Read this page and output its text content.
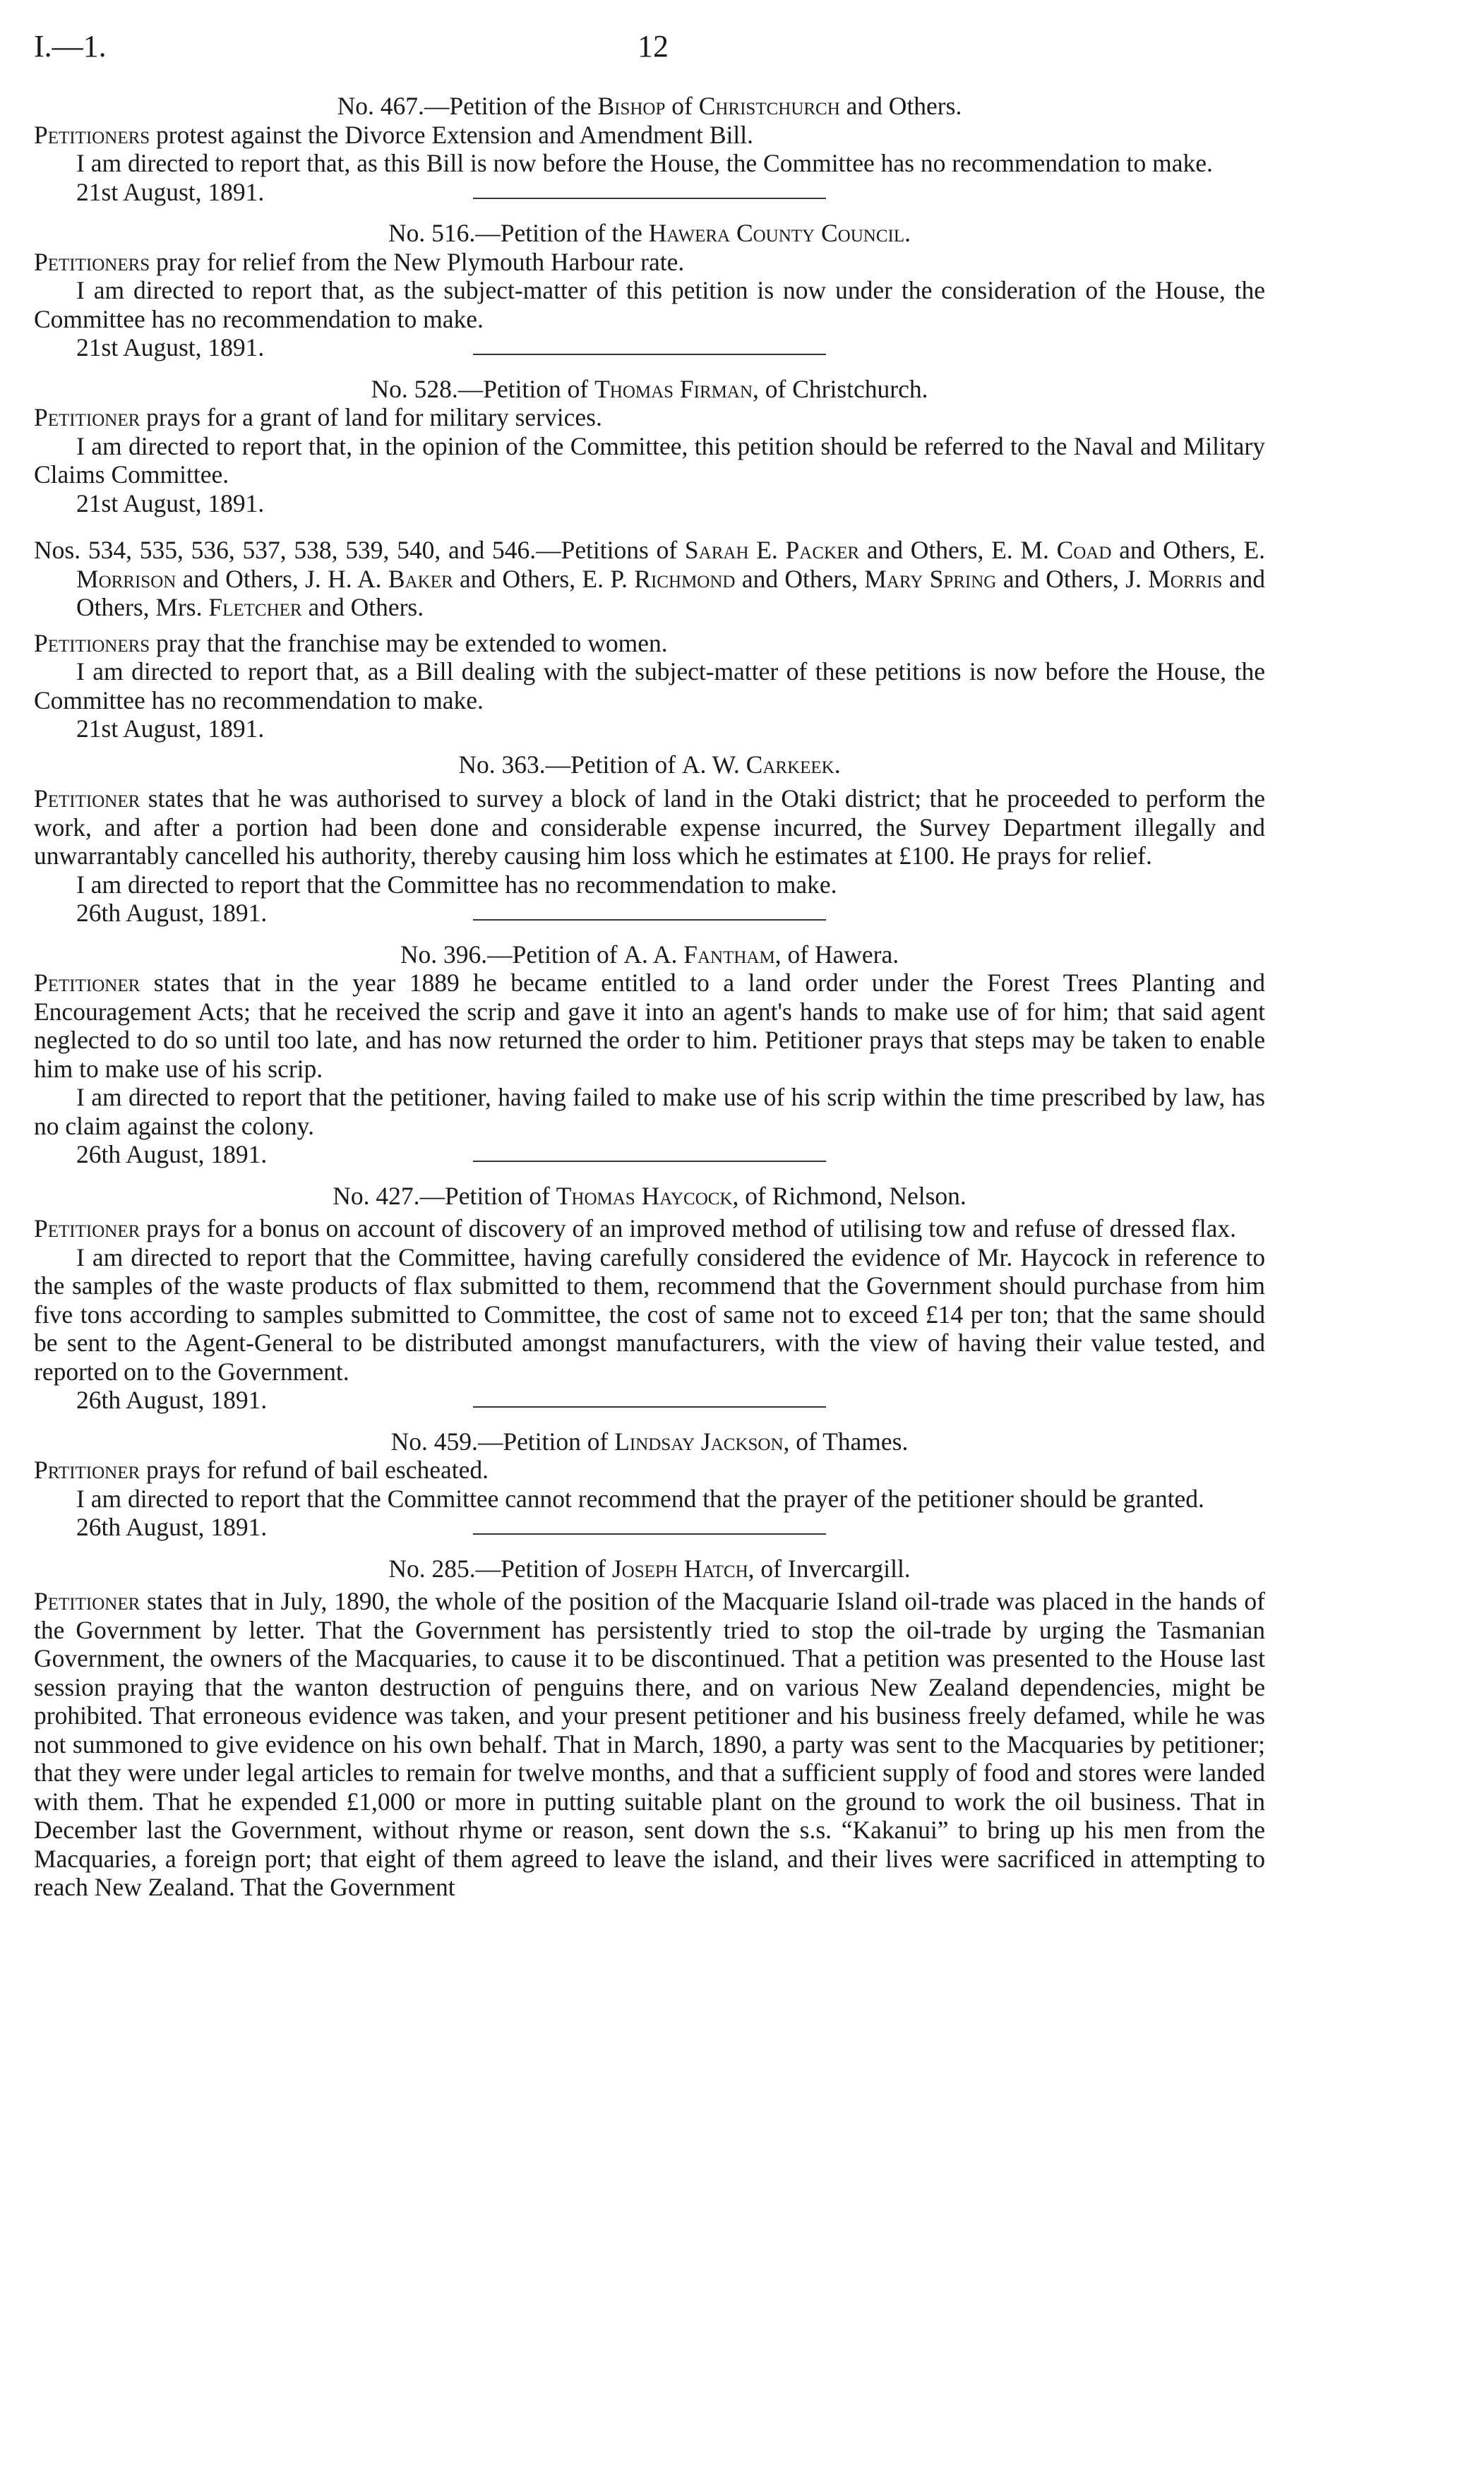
I.—1.	12

No. 467.—Petition of the Bishop of Christchurch and Others.

Petitioners protest against the Divorce Extension and Amendment Bill.

I am directed to report that, as this Bill is now before the House, the Committee has no recommendation to make.

21st August, 1891.

No. 516.—Petition of the Hawera County Council.

Petitioners pray for relief from the New Plymouth Harbour rate.

I am directed to report that, as the subject-matter of this petition is now under the consideration of the House, the Committee has no recommendation to make.

21st August, 1891.

No. 528.—Petition of Thomas Firman, of Christchurch.

Petitioner prays for a grant of land for military services.

I am directed to report that, in the opinion of the Committee, this petition should be referred to the Naval and Military Claims Committee.

21st August, 1891.

Nos. 534, 535, 536, 537, 538, 539, 540, and 546.—Petitions of Sarah E. Packer and Others, E. M. Coad and Others, E. Morrison and Others, J. H. A. Baker and Others, E. P. Richmond and Others, Mary Spring and Others, J. Morris and Others, Mrs. Fletcher and Others.

Petitioners pray that the franchise may be extended to women.

I am directed to report that, as a Bill dealing with the subject-matter of these petitions is now before the House, the Committee has no recommendation to make.

21st August, 1891.

No. 363.—Petition of A. W. Carkeek.

Petitioner states that he was authorised to survey a block of land in the Otaki district; that he proceeded to perform the work, and after a portion had been done and considerable expense incurred, the Survey Department illegally and unwarrantably cancelled his authority, thereby causing him loss which he estimates at £100. He prays for relief.

I am directed to report that the Committee has no recommendation to make.

26th August, 1891.

No. 396.—Petition of A. A. Fantham, of Hawera.

Petitioner states that in the year 1889 he became entitled to a land order under the Forest Trees Planting and Encouragement Acts; that he received the scrip and gave it into an agent's hands to make use of for him; that said agent neglected to do so until too late, and has now returned the order to him. Petitioner prays that steps may be taken to enable him to make use of his scrip.

I am directed to report that the petitioner, having failed to make use of his scrip within the time prescribed by law, has no claim against the colony.

26th August, 1891.

No. 427.—Petition of Thomas Haycock, of Richmond, Nelson.

Petitioner prays for a bonus on account of discovery of an improved method of utilising tow and refuse of dressed flax.

I am directed to report that the Committee, having carefully considered the evidence of Mr. Haycock in reference to the samples of the waste products of flax submitted to them, recommend that the Government should purchase from him five tons according to samples submitted to Committee, the cost of same not to exceed £14 per ton; that the same should be sent to the Agent-General to be distributed amongst manufacturers, with the view of having their value tested, and reported on to the Government.

26th August, 1891.

No. 459.—Petition of Lindsay Jackson, of Thames.

Prtitioner prays for refund of bail escheated.

I am directed to report that the Committee cannot recommend that the prayer of the petitioner should be granted.

26th August, 1891.

No. 285.—Petition of Joseph Hatch, of Invercargill.

Petitioner states that in July, 1890, the whole of the position of the Macquarie Island oil-trade was placed in the hands of the Government by letter. That the Government has persistently tried to stop the oil-trade by urging the Tasmanian Government, the owners of the Macquaries, to cause it to be discontinued. That a petition was presented to the House last session praying that the wanton destruction of penguins there, and on various New Zealand dependencies, might be prohibited. That erroneous evidence was taken, and your present petitioner and his business freely defamed, while he was not summoned to give evidence on his own behalf. That in March, 1890, a party was sent to the Macquaries by petitioner; that they were under legal articles to remain for twelve months, and that a sufficient supply of food and stores were landed with them. That he expended £1,000 or more in putting suitable plant on the ground to work the oil business. That in December last the Government, without rhyme or reason, sent down the s.s. “Kakanui” to bring up his men from the Macquaries, a foreign port; that eight of them agreed to leave the island, and their lives were sacrificed in attempting to reach New Zealand. That the Government
